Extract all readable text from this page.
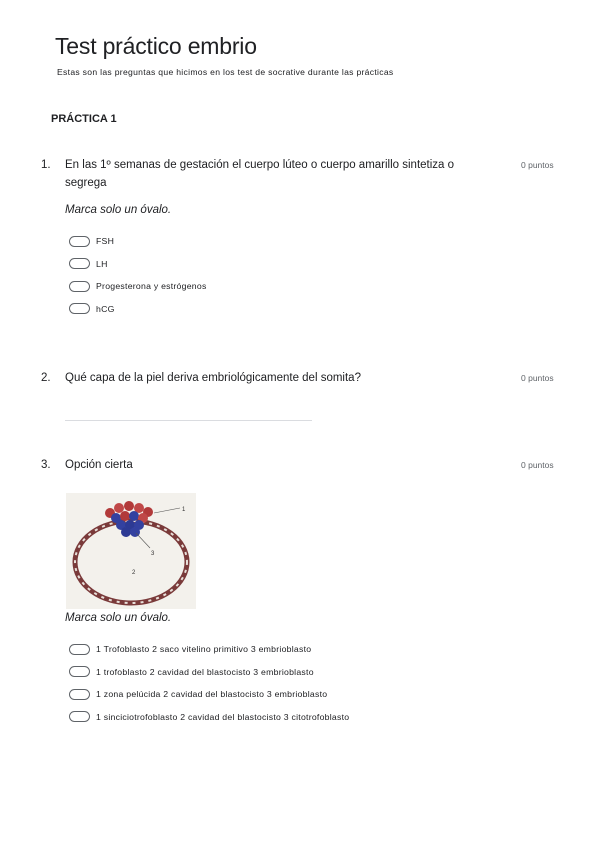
Test práctico embrio

Estas son las preguntas que hicimos en los test de socrative durante las prácticas

PRÁCTICA 1
1. En las 1º semanas de gestación el cuerpo lúteo o cuerpo amarillo sintetiza o segrega
0 puntos
Marca solo un óvalo.
FSH
LH
Progesterona y estrógenos
hCG
2. Qué capa de la piel deriva embriológicamente del somita?	0 puntos
3. Opción cierta	0 puntos
1
2
3
Marca solo un óvalo.
1 Trofoblasto 2 saco vitelino primitivo 3 embrioblasto
1 trofoblasto 2 cavidad del blastocisto 3 embrioblasto
1 zona pelúcida 2 cavidad del blastocisto 3 embrioblasto
1 sinciciotrofoblasto 2 cavidad del blastocisto 3 citotrofoblasto
